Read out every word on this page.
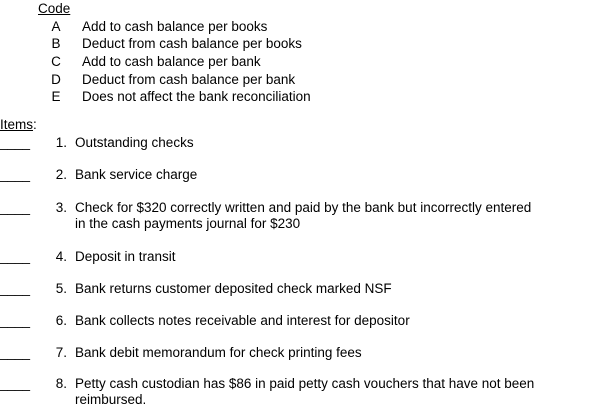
Code
A Add to cash balance per books
B Deduct from cash balance per books
C Add to cash balance per bank
D Deduct from cash balance per bank
E Does not affect the bank reconciliation
Items:
____	1. Outstanding checks
____	2. Bank service charge
____	3. Check for $320 correctly written and paid by the bank but incorrectly entered
in the cash payments journal for $230
____	4. Deposit in transit
____	5. Bank returns customer deposited check marked NSF
____	6. Bank collects notes receivable and interest for depositor
____	7. Bank debit memorandum for check printing fees
____	8. Petty cash custodian has $86 in paid petty cash vouchers that have not been
reimbursed.
